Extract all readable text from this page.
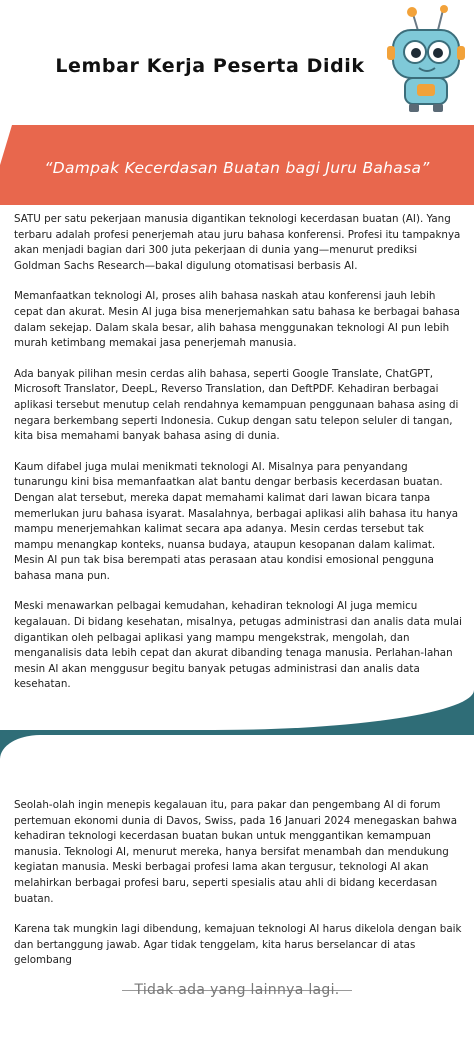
Lembar Kerja Peserta Didik
“Dampak Kecerdasan Buatan bagi Juru Bahasa”

SATU per satu pekerjaan manusia digantikan teknologi kecerdasan buatan (AI). Yang terbaru adalah profesi penerjemah atau juru bahasa konferensi. Profesi itu tampaknya akan menjadi bagian dari 300 juta pekerjaan di dunia yang—menurut prediksi Goldman Sachs Research—bakal digulung otomatisasi berbasis AI.

Memanfaatkan teknologi AI, proses alih bahasa naskah atau konferensi jauh lebih cepat dan akurat. Mesin AI juga bisa menerjemahkan satu bahasa ke berbagai bahasa dalam sekejap. Dalam skala besar, alih bahasa menggunakan teknologi AI pun lebih murah ketimbang memakai jasa penerjemah manusia.

Ada banyak pilihan mesin cerdas alih bahasa, seperti Google Translate, ChatGPT, Microsoft Translator, DeepL, Reverso Translation, dan DeftPDF. Kehadiran berbagai aplikasi tersebut menutup celah rendahnya kemampuan penggunaan bahasa asing di negara berkembang seperti Indonesia. Cukup dengan satu telepon seluler di tangan, kita bisa memahami banyak bahasa asing di dunia.

Kaum difabel juga mulai menikmati teknologi AI. Misalnya para penyandang tunarungu kini bisa memanfaatkan alat bantu dengar berbasis kecerdasan buatan. Dengan alat tersebut, mereka dapat memahami kalimat dari lawan bicara tanpa memerlukan juru bahasa isyarat. Masalahnya, berbagai aplikasi alih bahasa itu hanya mampu menerjemahkan kalimat secara apa adanya. Mesin cerdas tersebut tak mampu menangkap konteks, nuansa budaya, ataupun kesopanan dalam kalimat. Mesin AI pun tak bisa berempati atas perasaan atau kondisi emosional pengguna bahasa mana pun.

Meski menawarkan pelbagai kemudahan, kehadiran teknologi AI juga memicu kegalauan. Di bidang kesehatan, misalnya, petugas administrasi dan analis data mulai digantikan oleh pelbagai aplikasi yang mampu mengekstrak, mengolah, dan menganalisis data lebih cepat dan akurat dibanding tenaga manusia. Perlahan-lahan mesin AI akan menggusur begitu banyak petugas administrasi dan analis data kesehatan.

Seolah-olah ingin menepis kegalauan itu, para pakar dan pengembang AI di forum pertemuan ekonomi dunia di Davos, Swiss, pada 16 Januari 2024 menegaskan bahwa kehadiran teknologi kecerdasan buatan bukan untuk menggantikan kemampuan manusia. Teknologi AI, menurut mereka, hanya bersifat menambah dan mendukung kegiatan manusia. Meski berbagai profesi lama akan tergusur, teknologi AI akan melahirkan berbagai profesi baru, seperti spesialis atau ahli di bidang kecerdasan buatan.

Karena tak mungkin lagi dibendung, kemajuan teknologi AI harus dikelola dengan baik dan bertanggung jawab. Agar tidak tenggelam, kita harus berselancar di atas gelombang

Tidak ada yang lainnya lagi.
